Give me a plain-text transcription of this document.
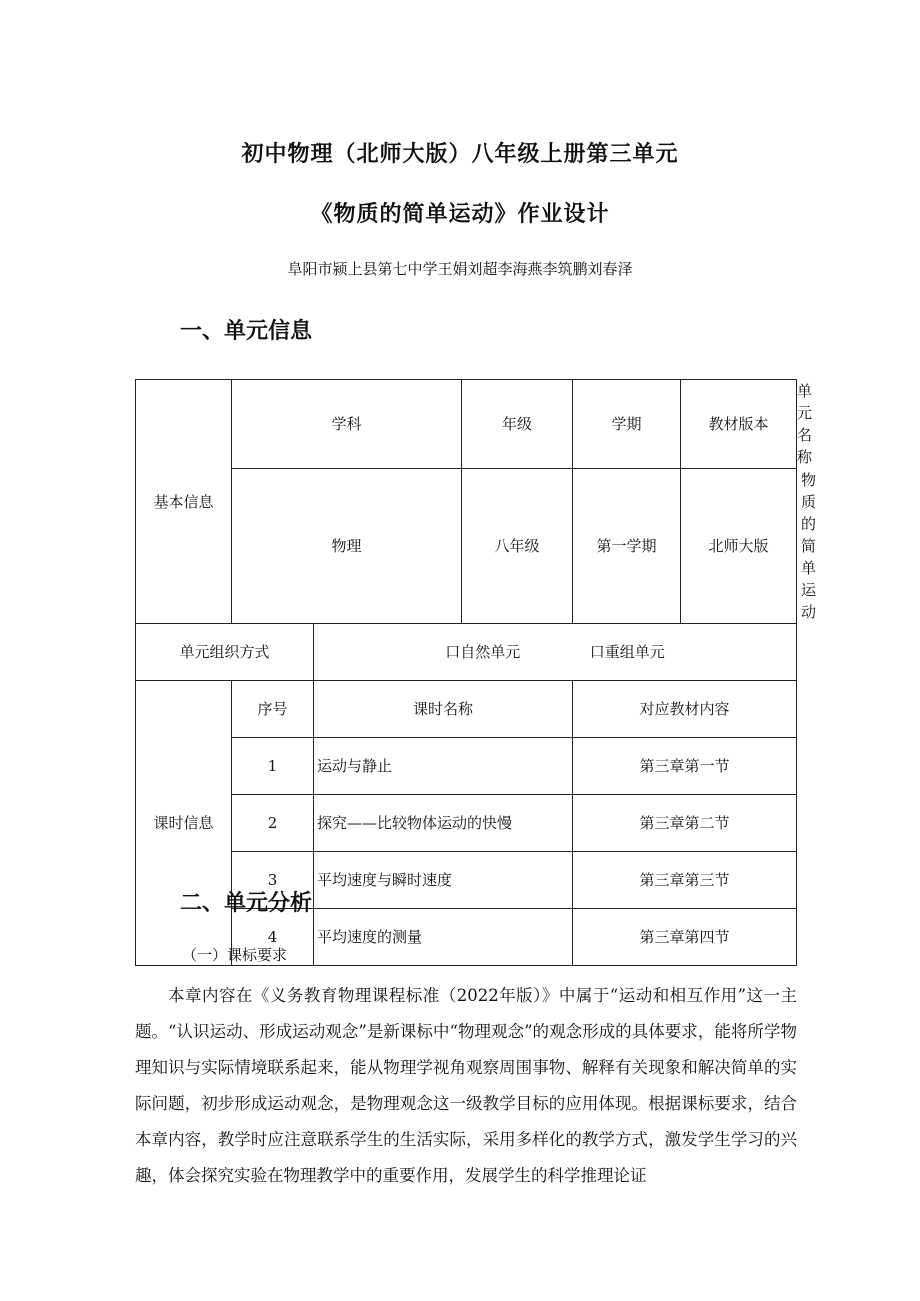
初中物理（北师大版）八年级上册第三单元
《物质的简单运动》作业设计
阜阳市颍上县第七中学王娟刘超李海燕李筑鹏刘春泽
一、单元信息
基本信息	学科		年级	学期	教材版本	单元名称
	物理		八年级	第一学期	北师大版	物质的简单运动
单元组织方式		口自然单元 口重组单元				
课时信息	序号	课时名称		对应教材内容		
	1	运动与静止		第三章第一节		
	2	探究——比较物体运动的快慢		第三章第二节		
	3	平均速度与瞬时速度		第三章第三节		
	4	平均速度的测量		第三章第四节		
二、单元分析
（一）课标要求

本章内容在《义务教育物理课程标准（2022年版）》中属于“运动和相互作用”这一主题。“认识运动、形成运动观念”是新课标中“物理观念”的观念形成的具体要求，能将所学物理知识与实际情境联系起来，能从物理学视角观察周围事物、解释有关现象和解决简单的实际问题，初步形成运动观念，是物理观念这一级教学目标的应用体现。根据课标要求，结合本章内容，教学时应注意联系学生的生活实际，采用多样化的教学方式，激发学生学习的兴趣，体会探究实验在物理教学中的重要作用，发展学生的科学推理论证
